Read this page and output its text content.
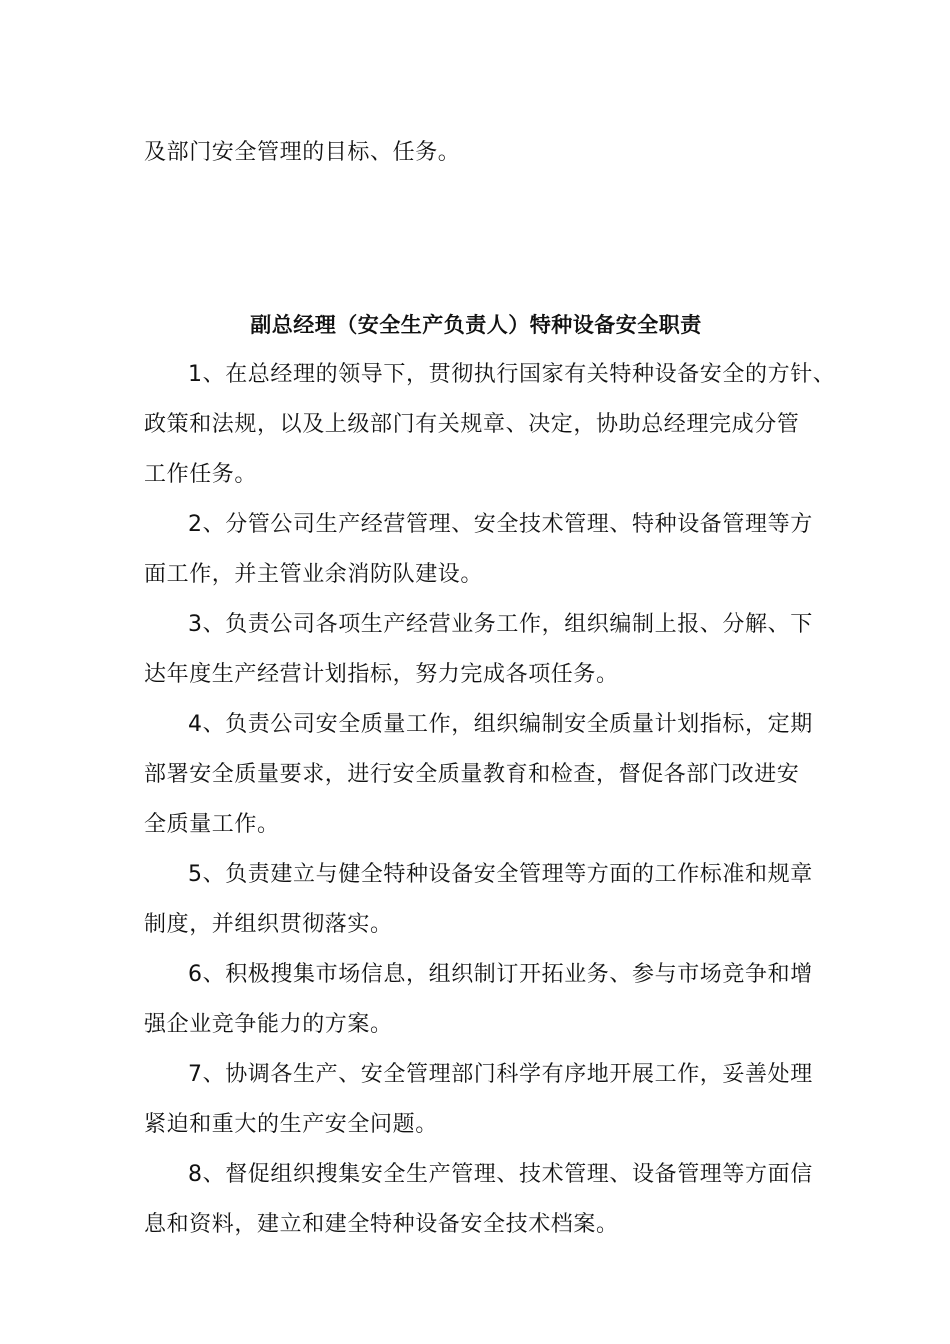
及部门安全管理的目标、任务。
副总经理（安全生产负责人）特种设备安全职责
1、在总经理的领导下，贯彻执行国家有关特种设备安全的方针、
政策和法规，以及上级部门有关规章、决定，协助总经理完成分管
工作任务。
2、分管公司生产经营管理、安全技术管理、特种设备管理等方
面工作，并主管业余消防队建设。
3、负责公司各项生产经营业务工作，组织编制上报、分解、下
达年度生产经营计划指标，努力完成各项任务。
4、负责公司安全质量工作，组织编制安全质量计划指标，定期
部署安全质量要求，进行安全质量教育和检查，督促各部门改进安
全质量工作。
5、负责建立与健全特种设备安全管理等方面的工作标准和规章
制度，并组织贯彻落实。
6、积极搜集市场信息，组织制订开拓业务、参与市场竞争和增
强企业竞争能力的方案。
7、协调各生产、安全管理部门科学有序地开展工作，妥善处理
紧迫和重大的生产安全问题。
8、督促组织搜集安全生产管理、技术管理、设备管理等方面信
息和资料，建立和建全特种设备安全技术档案。
